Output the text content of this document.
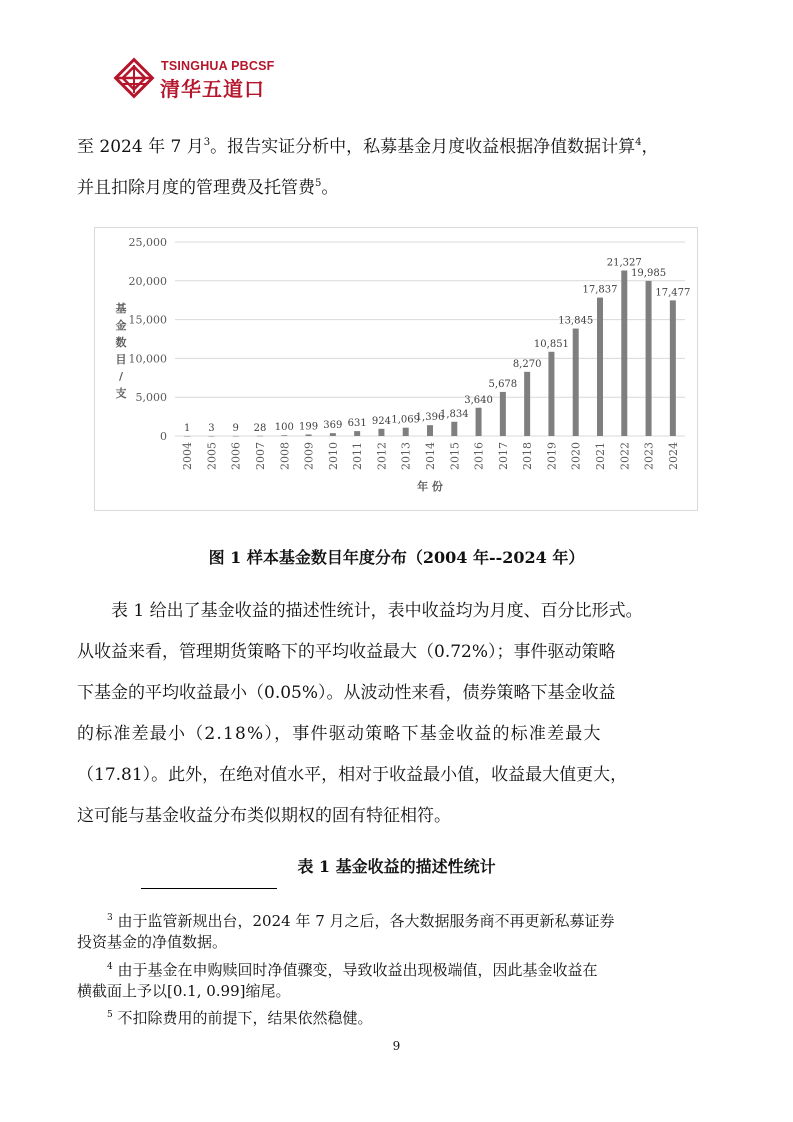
TSINGHUA PBCSF
清华五道口
至 2024 年 7 月$^3$。报告实证分析中，私募基金月度收益根据净值数据计算$^4$，
并且扣除月度的管理费及托管费$^5$。
0
5,000
10,000
15,000
20,000
25,000
1
2004
3
2005
9
2006
28
2007
100
2008
199
2009
369
2010
631
2011
924
2012
1,069
2013
1,396
2014
1,834
2015
3,640
2016
5,678
2017
8,270
2018
10,851
2019
13,845
2020
17,837
2021
21,327
2022
19,985
2023
17,477
2024
基
金
数
目
/
支
年 份
图 1 样本基金数目年度分布（2004 年--2024 年）
表 1 给出了基金收益的描述性统计，表中收益均为月度、百分比形式。
从收益来看，管理期货策略下的平均收益最大（0.72%）；事件驱动策略
下基金的平均收益最小（0.05%）。从波动性来看，债券策略下基金收益
的标准差最小（2.18%），事件驱动策略下基金收益的标准差最大
（17.81）。此外，在绝对值水平，相对于收益最小值，收益最大值更大，
这可能与基金收益分布类似期权的固有特征相符。
表 1 基金收益的描述性统计
$^3$ 由于监管新规出台，2024 年 7 月之后，各大数据服务商不再更新私募证券
投资基金的净值数据。
$^4$ 由于基金在申购赎回时净值骤变，导致收益出现极端值，因此基金收益在
横截面上予以[0.1, 0.99]缩尾。
$^5$ 不扣除费用的前提下，结果依然稳健。
9
